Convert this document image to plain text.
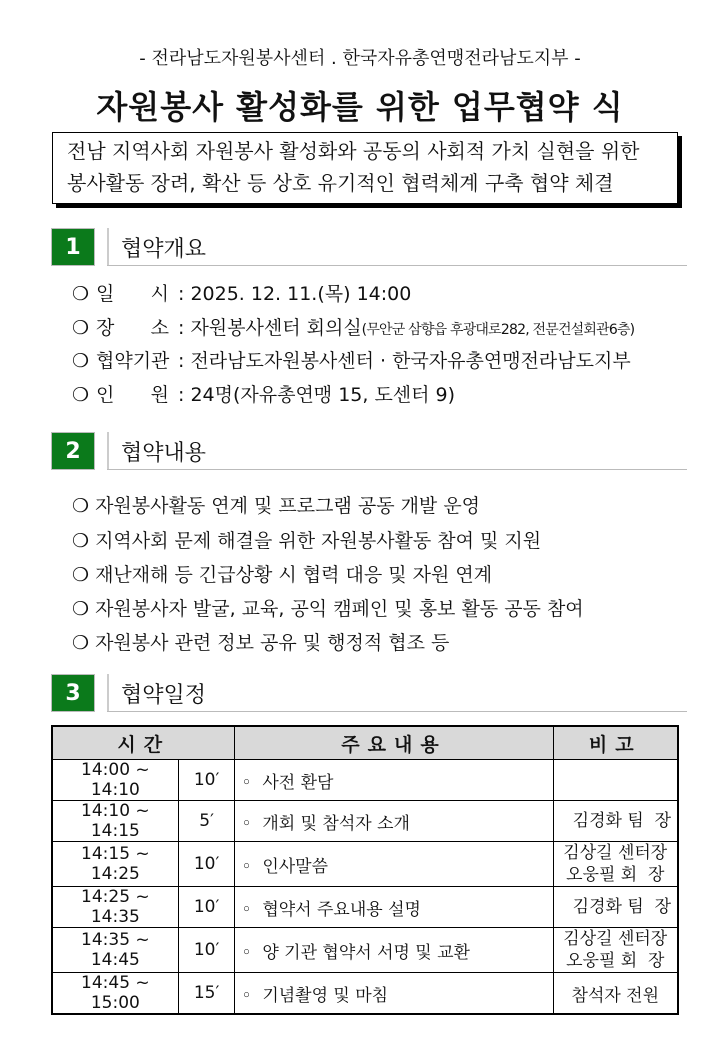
- 전라남도자원봉사센터 . 한국자유총연맹전라남도지부 -
자원봉사 활성화를 위한 업무협약 식
전남 지역사회 자원봉사 활성화와 공동의 사회적 가치 실현을 위한
봉사활동 장려, 확산 등 상호 유기적인 협력체계 구축 협약 체결
1	협약개요
❍ 일      시 : 2025. 12. 11.(목) 14:00
❍ 장      소 : 자원봉사센터 회의실(무안군 삼향읍 후광대로282, 전문건설회관6층)
❍ 협약기관 : 전라남도자원봉사센터 · 한국자유총연맹전라남도지부
❍ 인      원 : 24명(자유총연맹 15, 도센터 9)
2	협약내용
❍ 자원봉사활동 연계 및 프로그램 공동 개발 운영
❍ 지역사회 문제 해결을 위한 자원봉사활동 참여 및 지원
❍ 재난재해 등 긴급상황 시 협력 대응 및 자원 연계
❍ 자원봉사자 발굴, 교육, 공익 캠페인 및 홍보 활동 공동 참여
❍ 자원봉사 관련 정보 공유 및 행정적 협조 등
3	협약일정
시간		주요내용	비고
14:00 ~ 14:10	10′	◦  사전 환담	

14:10 ~ 14:15	5′	◦  개회 및 참석자 소개	김경화 팀  장

14:15 ~ 14:25	10′	◦  인사말씀	김상길 센터장
오웅필 회  장

14:25 ~ 14:35	10′	◦  협약서 주요내용 설명	김경화 팀  장

14:35 ~ 14:45	10′	◦  양 기관 협약서 서명 및 교환	김상길 센터장
오웅필 회  장

14:45 ~ 15:00	15′	◦  기념촬영 및 마침	참석자 전원
